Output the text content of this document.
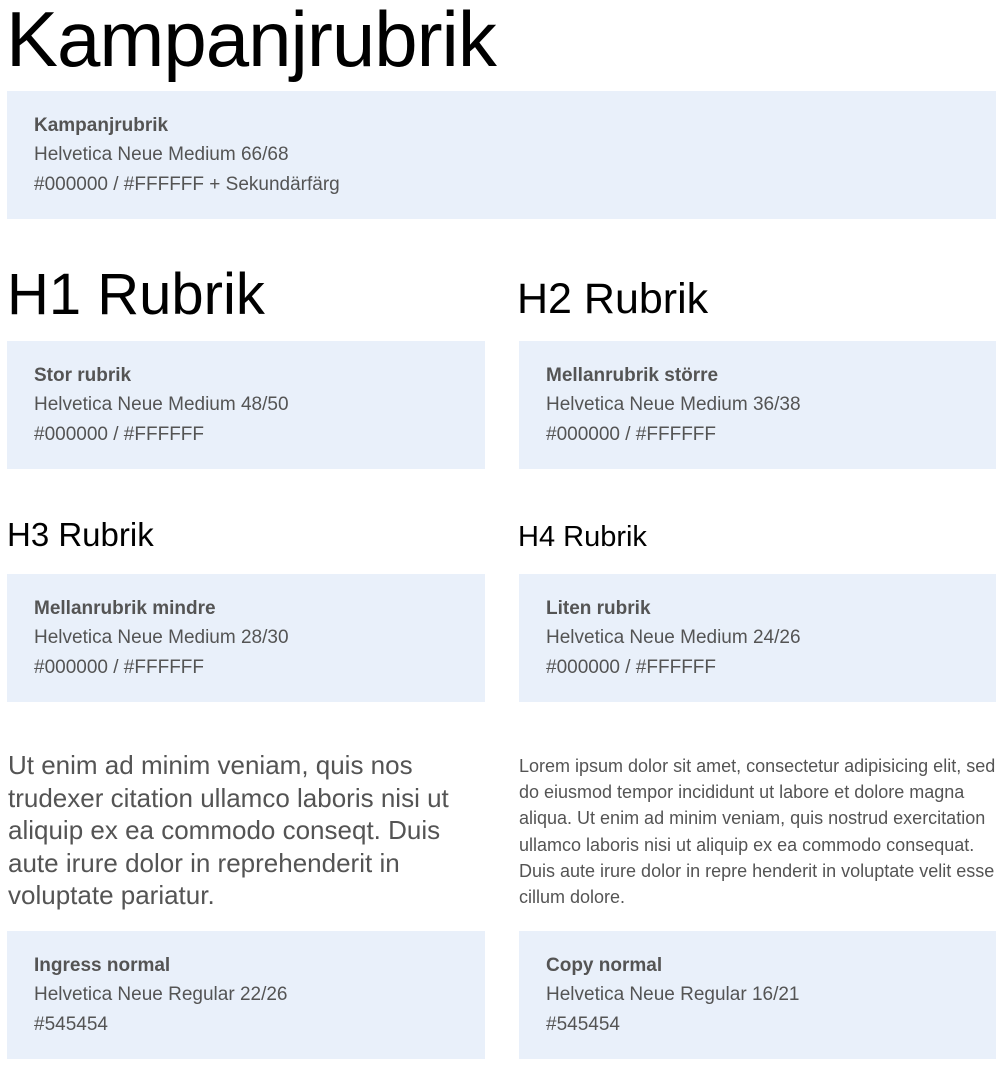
Kampanjrubrik
Kampanjrubrik
Helvetica Neue Medium 66/68
#000000 / #FFFFFF + Sekundärfärg
H1 Rubrik
Stor rubrik
Helvetica Neue Medium 48/50
#000000 / #FFFFFF
H2 Rubrik
Mellanrubrik större
Helvetica Neue Medium 36/38
#000000 / #FFFFFF
H3 Rubrik
Mellanrubrik mindre
Helvetica Neue Medium 28/30
#000000 / #FFFFFF
H4 Rubrik
Liten rubrik
Helvetica Neue Medium 24/26
#000000 / #FFFFFF

Ut enim ad minim veniam, quis nos trudexer citation ullamco laboris nisi ut aliquip ex ea commodo conseqt. Duis aute irure dolor in reprehenderit in voluptate pariatur.

Ingress normal
Helvetica Neue Regular 22/26
#545454

Lorem ipsum dolor sit amet, consectetur adipisicing elit, sed do eiusmod tempor incididunt ut labore et dolore magna aliqua. Ut enim ad minim veniam, quis nostrud exercitation ullamco laboris nisi ut aliquip ex ea commodo consequat. Duis aute irure dolor in repre henderit in voluptate velit esse cillum dolore.

Copy normal
Helvetica Neue Regular 16/21
#545454
